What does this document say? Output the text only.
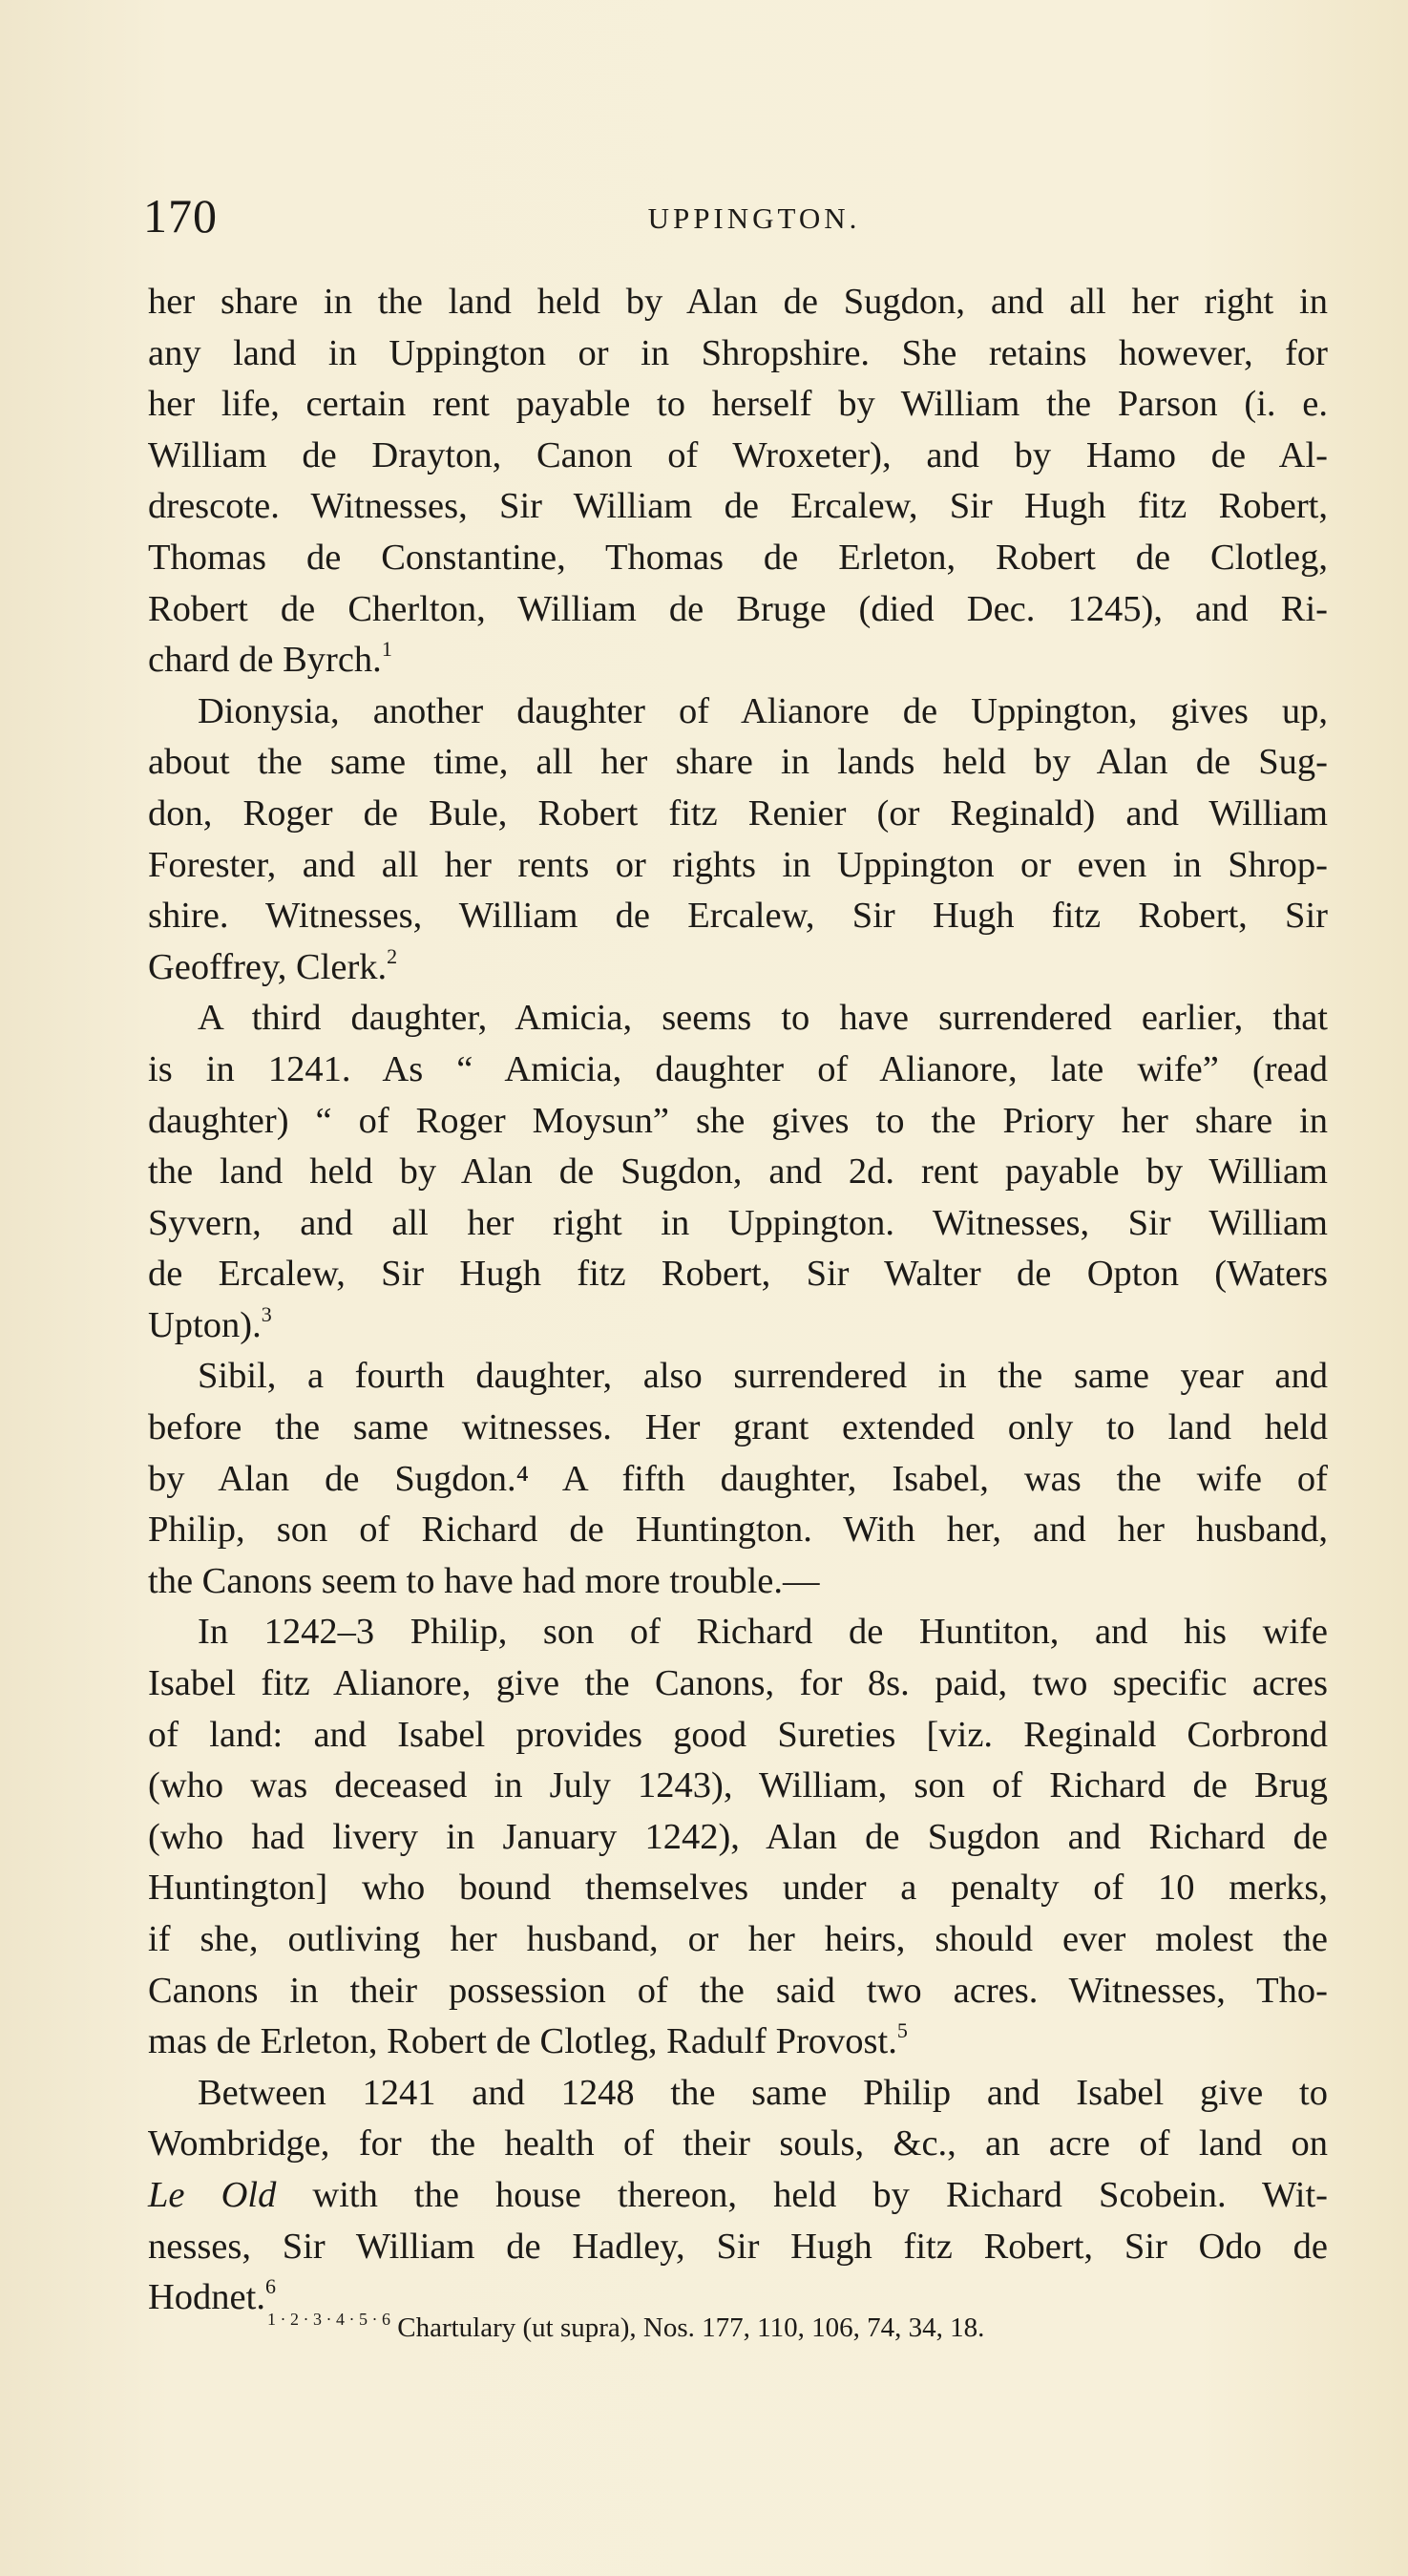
170	UPPINGTON.
her share in the land held by Alan de Sugdon, and all her right in
any land in Uppington or in Shropshire. She retains however, for
her life, certain rent payable to herself by William the Parson (i. e.
William de Drayton, Canon of Wroxeter), and by Hamo de Al-
drescote. Witnesses, Sir William de Ercalew, Sir Hugh fitz Robert,
Thomas de Constantine, Thomas de Erleton, Robert de Clotleg,
Robert de Cherlton, William de Bruge (died Dec. 1245), and Ri-
chard de Byrch.$^1$
Dionysia, another daughter of Alianore de Uppington, gives up,
about the same time, all her share in lands held by Alan de Sug-
don, Roger de Bule, Robert fitz Renier (or Reginald) and William
Forester, and all her rents or rights in Uppington or even in Shrop-
shire. Witnesses, William de Ercalew, Sir Hugh fitz Robert, Sir
Geoffrey, Clerk.$^2$
A third daughter, Amicia, seems to have surrendered earlier, that
is in 1241. As “ Amicia, daughter of Alianore, late wife” (read
daughter) “ of Roger Moysun” she gives to the Priory her share in
the land held by Alan de Sugdon, and 2d. rent payable by William
Syvern, and all her right in Uppington. Witnesses, Sir William
de Ercalew, Sir Hugh fitz Robert, Sir Walter de Opton (Waters
Upton).$^3$
Sibil, a fourth daughter, also surrendered in the same year and
before the same witnesses. Her grant extended only to land held
by Alan de Sugdon.⁴ A fifth daughter, Isabel, was the wife of
Philip, son of Richard de Huntington. With her, and her husband,
the Canons seem to have had more trouble.—
In 1242–3 Philip, son of Richard de Huntiton, and his wife
Isabel fitz Alianore, give the Canons, for 8s. paid, two specific acres
of land: and Isabel provides good Sureties [viz. Reginald Corbrond
(who was deceased in July 1243), William, son of Richard de Brug
(who had livery in January 1242), Alan de Sugdon and Richard de
Huntington] who bound themselves under a penalty of 10 merks,
if she, outliving her husband, or her heirs, should ever molest the
Canons in their possession of the said two acres. Witnesses, Tho-
mas de Erleton, Robert de Clotleg, Radulf Provost.$^5$
Between 1241 and 1248 the same Philip and Isabel give to
Wombridge, for the health of their souls, &c., an acre of land on
Le Old with the house thereon, held by Richard Scobein. Wit-
nesses, Sir William de Hadley, Sir Hugh fitz Robert, Sir Odo de
Hodnet.$^6$
$^{1 \cdot 2 \cdot 3 \cdot 4 \cdot 5 \cdot 6}$ Chartulary (ut supra), Nos. 177, 110, 106, 74, 34, 18.
